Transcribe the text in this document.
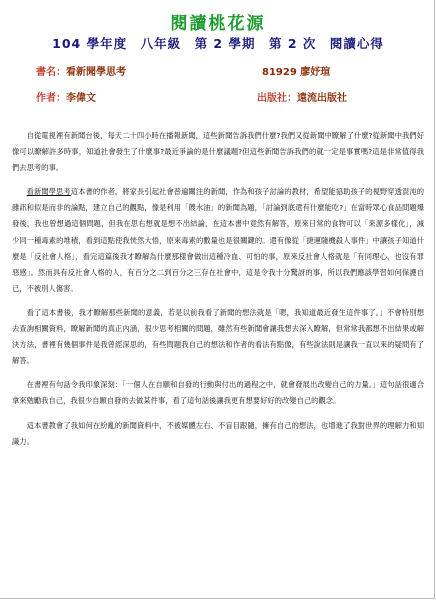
閱讀桃花源
104 學年度　八年級　第 2 學期　第 2 次　閱讀心得
書名：看新聞學思考	81929 廖妤瑄
作者：李偉文	出版社：遠流出版社

自從電視裡有新聞台後，每天二十四小時在播報新聞，這些新聞告訴我們什麼?我們又從新聞中瞭解了什麼?從新聞中我們好像可以瞭解許多時事，知道社會發生了什麼事?最近爭論的是什麼議題?但這些新聞告訴我們的就一定是事實嗎?這是非常值得我們去思考的事。

看新聞學思考這本書的作者，將家長引起社會普遍關注的新聞，作為和孩子討論的教材，希望能協助孩子的視野穿透混沌的雜訊和似是而非的論點，建立自己的觀點，像是利用「餿水油」的新聞為題，「討論到底還有什麼能吃?」在當時眾心食品問題爆發後，我也曾想過這個問題，但我在思右想就是想不出結論，在這本書中竟然有解答，原來日常的食物可以「來源多樣化」，減少同一種毒素的堆積，看到這點使我恍然大悟，原來毒素的數量也是很關鍵的。還有像從「捷運隨機殺人事件」中讓孩子知道什麼是「反社會人格」，看完這篇後我才瞭解為什麼那樣會做出這種冷血、可怕的事，原來反社會人格就是「有同理心，也沒有罪惡感」。然而具有反社會人格的人，有百分之二到百分之三存在社會中，這是令我十分驚訝的事，所以我們應該學習如何保護自己，不被別人傷害。

看了這本書後，我才瞭解那些新聞的意義，若是以前我看了新聞的想法就是「嗯，我知道最近發生這件事了。」不會特別想去查詢相關資料，瞭解新聞的真正內涵，很少思考相關的問題，雖然有些新聞會讓我想去深入瞭解，但常常我都想不出結果或解決方法，書裡有幾個事件是我曾經深思的，有些問題我自己的想法和作者的看法有點像，有些說法則是讓我一直以來的疑問有了解答。

在書裡有句話令我印象深刻：「一個人在自願和自發的行動與付出的過程之中，就會發展出改變自己的力量。」這句話很適合拿來勉勵我自己，我很少自願自發的去做某件事，看了這句話後讓我更有想要好好的改變自己的觀念。

這本書教會了我如何在紛亂的新聞資料中，不被媒體左右、不盲目跟隨，擁有自己的想法，也增進了我對世界的理解力和知識力。
